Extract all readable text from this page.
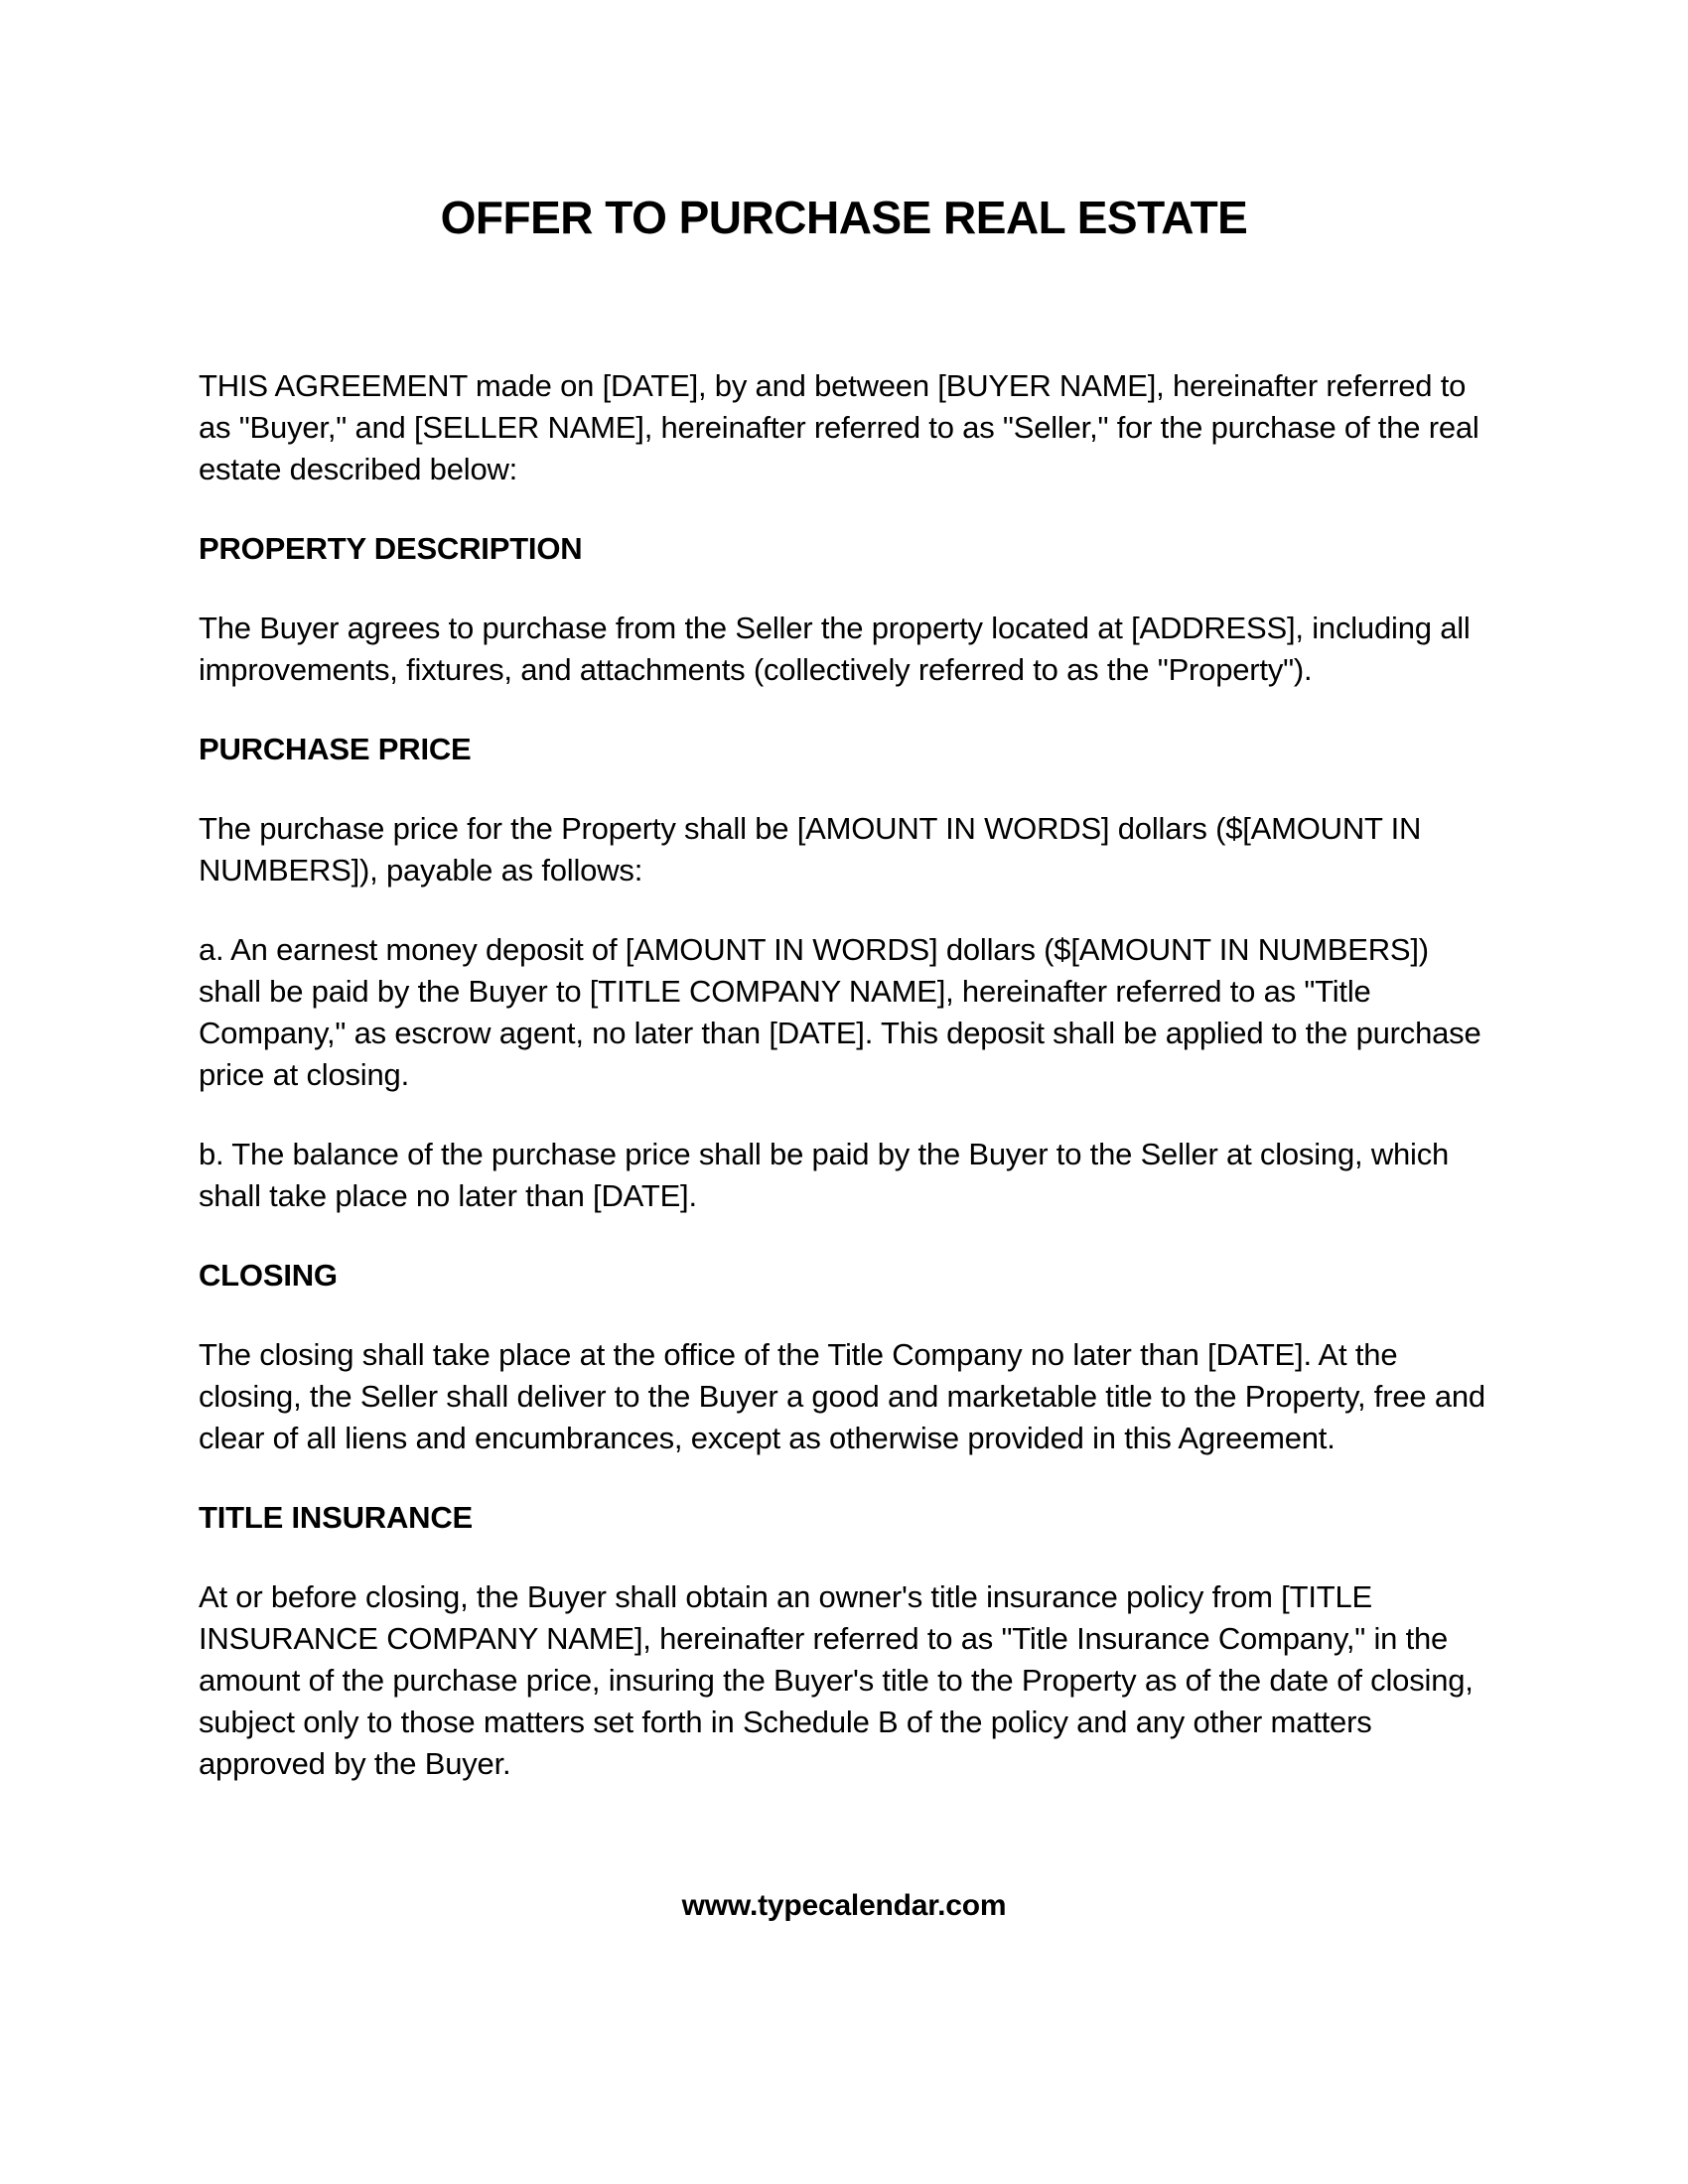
OFFER TO PURCHASE REAL ESTATE

THIS AGREEMENT made on [DATE], by and between [BUYER NAME], hereinafter referred to as "Buyer," and [SELLER NAME], hereinafter referred to as "Seller," for the purchase of the real estate described below:

PROPERTY DESCRIPTION

The Buyer agrees to purchase from the Seller the property located at [ADDRESS], including all improvements, fixtures, and attachments (collectively referred to as the "Property").

PURCHASE PRICE

The purchase price for the Property shall be [AMOUNT IN WORDS] dollars ($[AMOUNT IN NUMBERS]), payable as follows:

a. An earnest money deposit of [AMOUNT IN WORDS] dollars ($[AMOUNT IN NUMBERS]) shall be paid by the Buyer to [TITLE COMPANY NAME], hereinafter referred to as "Title Company," as escrow agent, no later than [DATE]. This deposit shall be applied to the purchase price at closing.

b. The balance of the purchase price shall be paid by the Buyer to the Seller at closing, which shall take place no later than [DATE].

CLOSING

The closing shall take place at the office of the Title Company no later than [DATE]. At the closing, the Seller shall deliver to the Buyer a good and marketable title to the Property, free and clear of all liens and encumbrances, except as otherwise provided in this Agreement.

TITLE INSURANCE

At or before closing, the Buyer shall obtain an owner's title insurance policy from [TITLE INSURANCE COMPANY NAME], hereinafter referred to as "Title Insurance Company," in the amount of the purchase price, insuring the Buyer's title to the Property as of the date of closing, subject only to those matters set forth in Schedule B of the policy and any other matters approved by the Buyer.

www.typecalendar.com
